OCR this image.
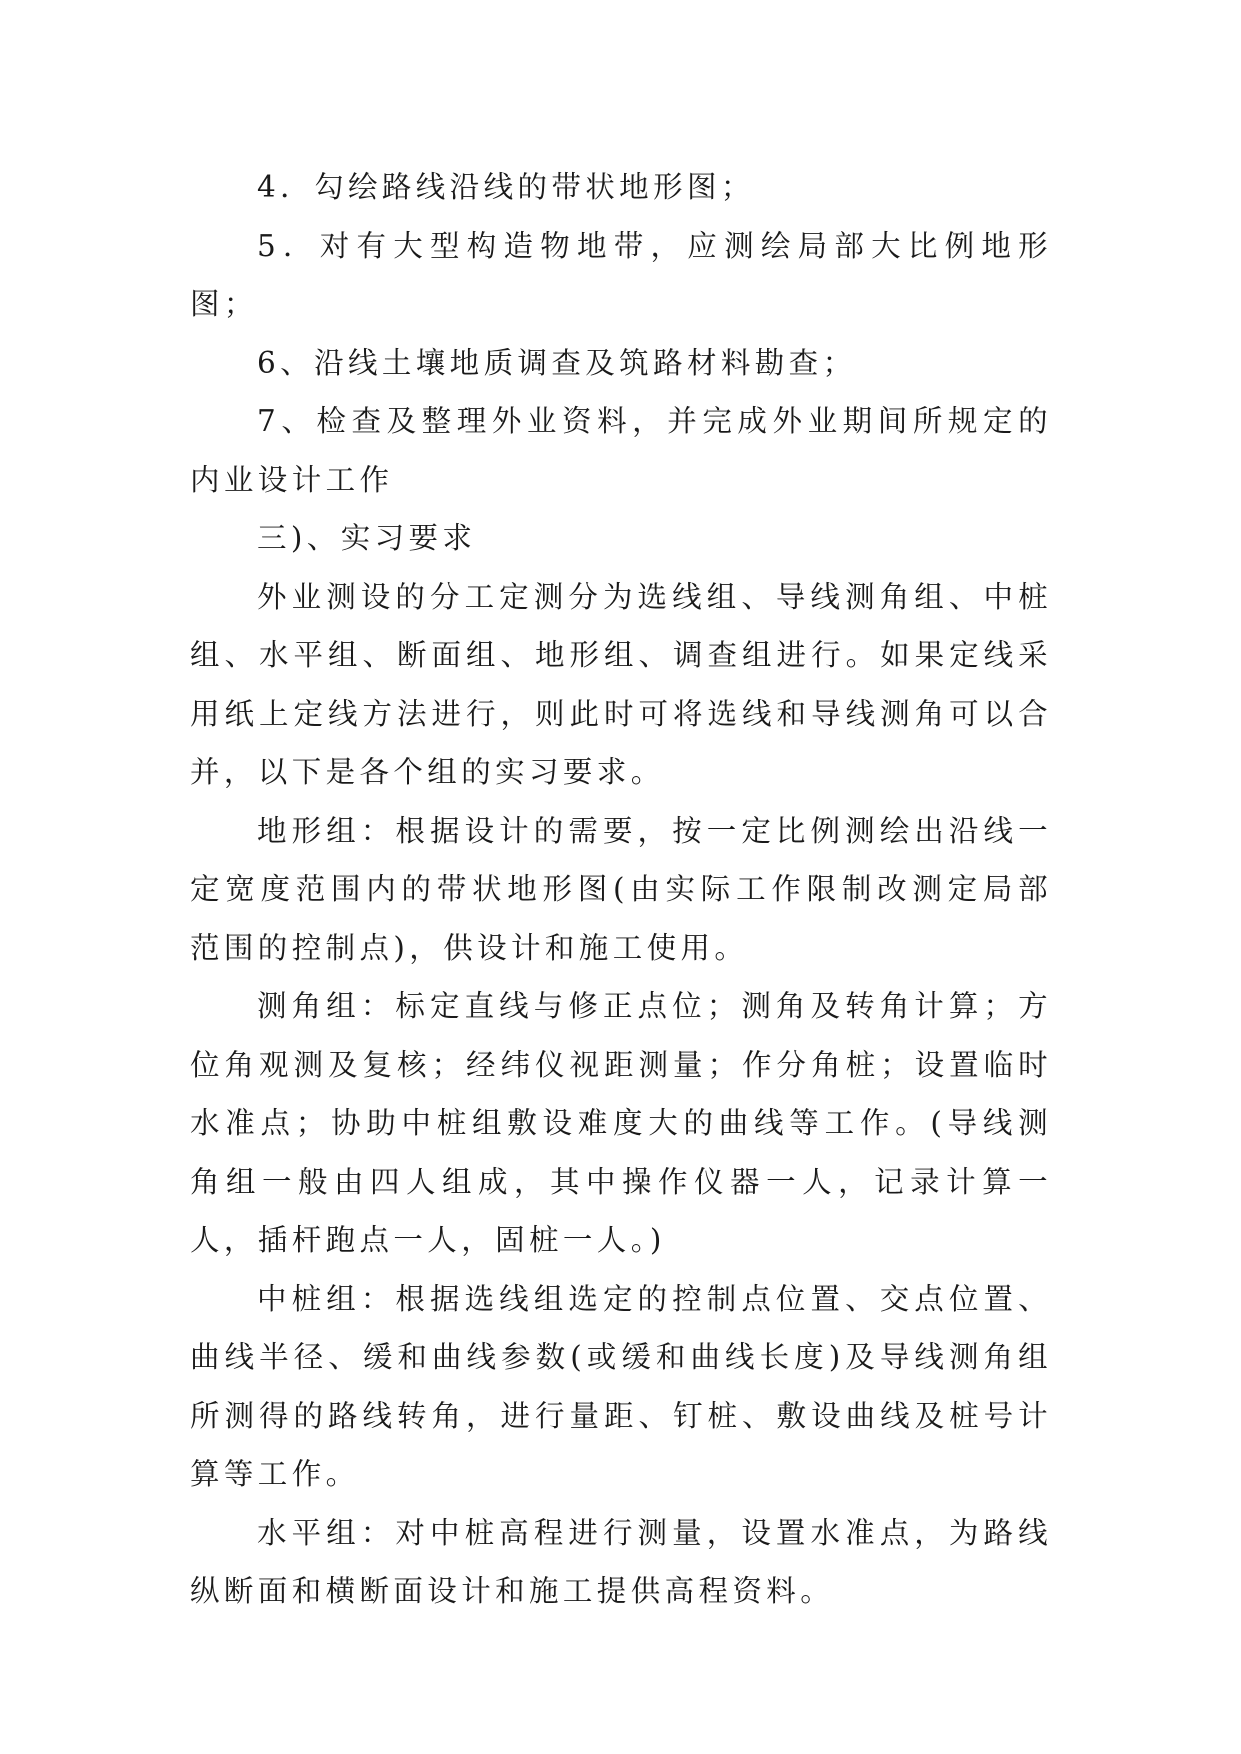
4．勾绘路线沿线的带状地形图；

5．对有大型构造物地带，应测绘局部大比例地形图；

6、沿线土壤地质调查及筑路材料勘查；

7、检查及整理外业资料，并完成外业期间所规定的内业设计工作

三)、实习要求

外业测设的分工定测分为选线组、导线测角组、中桩组、水平组、断面组、地形组、调查组进行。如果定线采用纸上定线方法进行，则此时可将选线和导线测角可以合并，以下是各个组的实习要求。

地形组：根据设计的需要，按一定比例测绘出沿线一定宽度范围内的带状地形图(由实际工作限制改测定局部范围的控制点)，供设计和施工使用。

测角组：标定直线与修正点位；测角及转角计算；方位角观测及复核；经纬仪视距测量；作分角桩；设置临时水准点；协助中桩组敷设难度大的曲线等工作。(导线测角组一般由四人组成，其中操作仪器一人，记录计算一人，插杆跑点一人，固桩一人。)

中桩组：根据选线组选定的控制点位置、交点位置、曲线半径、缓和曲线参数(或缓和曲线长度)及导线测角组所测得的路线转角，进行量距、钉桩、敷设曲线及桩号计算等工作。

水平组：对中桩高程进行测量，设置水准点，为路线纵断面和横断面设计和施工提供高程资料。
